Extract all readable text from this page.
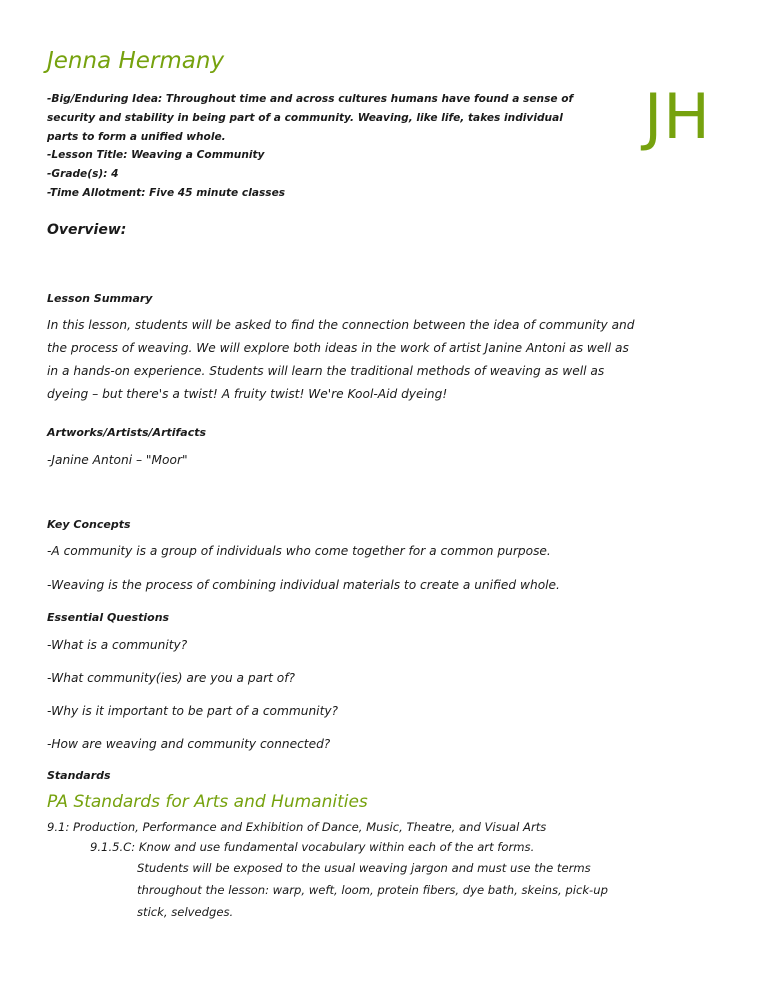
Jenna Hermany
JH
-Big/Enduring Idea: Throughout time and across cultures humans have found a sense of
security and stability in being part of a community. Weaving, like life, takes individual
parts to form a unified whole.
-Lesson Title: Weaving a Community
-Grade(s): 4
-Time Allotment: Five 45 minute classes
Overview:
Lesson Summary
In this lesson, students will be asked to find the connection between the idea of community and
the process of weaving. We will explore both ideas in the work of artist Janine Antoni as well as
in a hands-on experience. Students will learn the traditional methods of weaving as well as
dyeing – but there's a twist! A fruity twist! We're Kool-Aid dyeing!
Artworks/Artists/Artifacts
-Janine Antoni – "Moor"
Key Concepts
-A community is a group of individuals who come together for a common purpose.
-Weaving is the process of combining individual materials to create a unified whole.
Essential Questions
-What is a community?
-What community(ies) are you a part of?
-Why is it important to be part of a community?
-How are weaving and community connected?
Standards
PA Standards for Arts and Humanities
9.1: Production, Performance and Exhibition of Dance, Music, Theatre, and Visual Arts
9.1.5.C: Know and use fundamental vocabulary within each of the art forms.
Students will be exposed to the usual weaving jargon and must use the terms
throughout the lesson: warp, weft, loom, protein fibers, dye bath, skeins, pick-up
stick, selvedges.
